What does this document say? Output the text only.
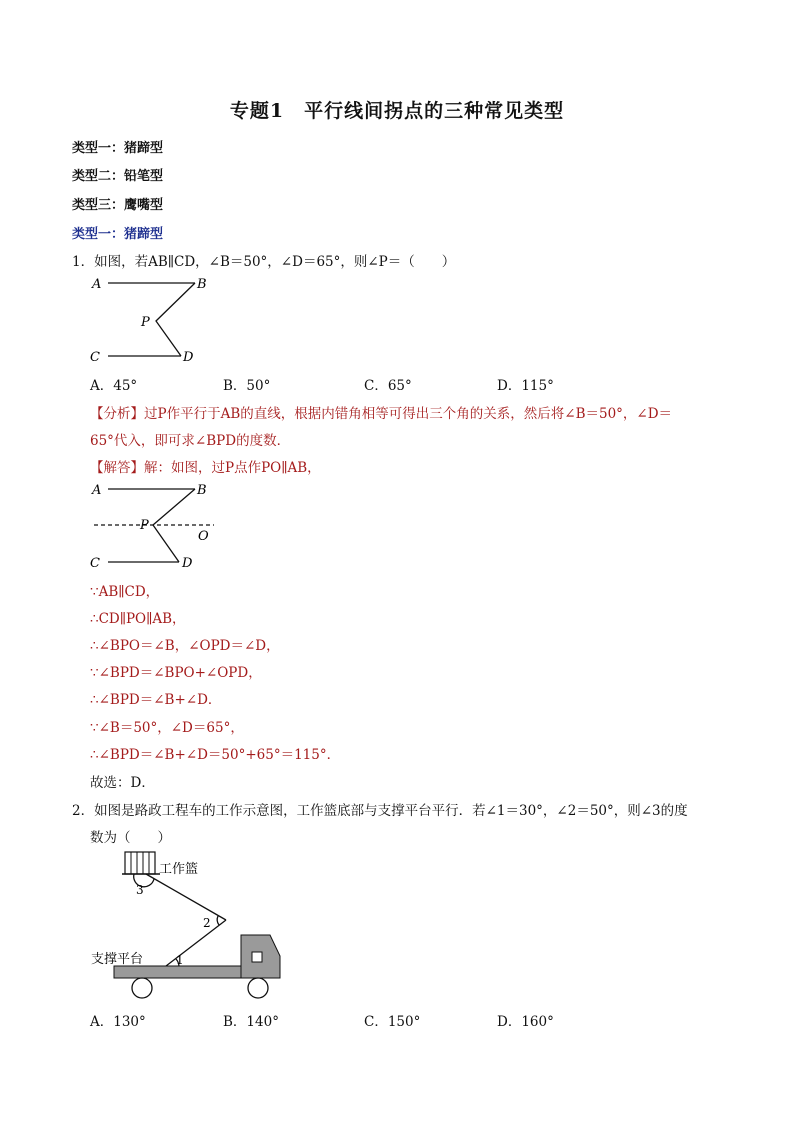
专题1　平行线间拐点的三种常见类型
类型一：猪蹄型
类型二：铅笔型
类型三：鹰嘴型
类型一：猪蹄型
1．如图，若AB∥CD，∠B＝50°，∠D＝65°，则∠P＝（　　）
A	B
P
C	D
A．45°	B．50°	C．65°	D．115°
【分析】过P作平行于AB的直线，根据内错角相等可得出三个角的关系，然后将∠B＝50°，∠D＝
65°代入，即可求∠BPD的度数．
【解答】解：如图，过P点作PO∥AB，
A	B
P
O
C	D
∵AB∥CD，
∴CD∥PO∥AB，
∴∠BPO＝∠B，∠OPD＝∠D，
∵∠BPD＝∠BPO+∠OPD，
∴∠BPD＝∠B+∠D．
∵∠B＝50°，∠D＝65°，
∴∠BPD＝∠B+∠D＝50°+65°＝115°．
故选：D．
2．如图是路政工程车的工作示意图，工作篮底部与支撑平台平行．若∠1＝30°，∠2＝50°，则∠3的度
数为（　　）
工作篮
支撑平台	1
2
3
A．130°	B．140°	C．150°	D．160°
